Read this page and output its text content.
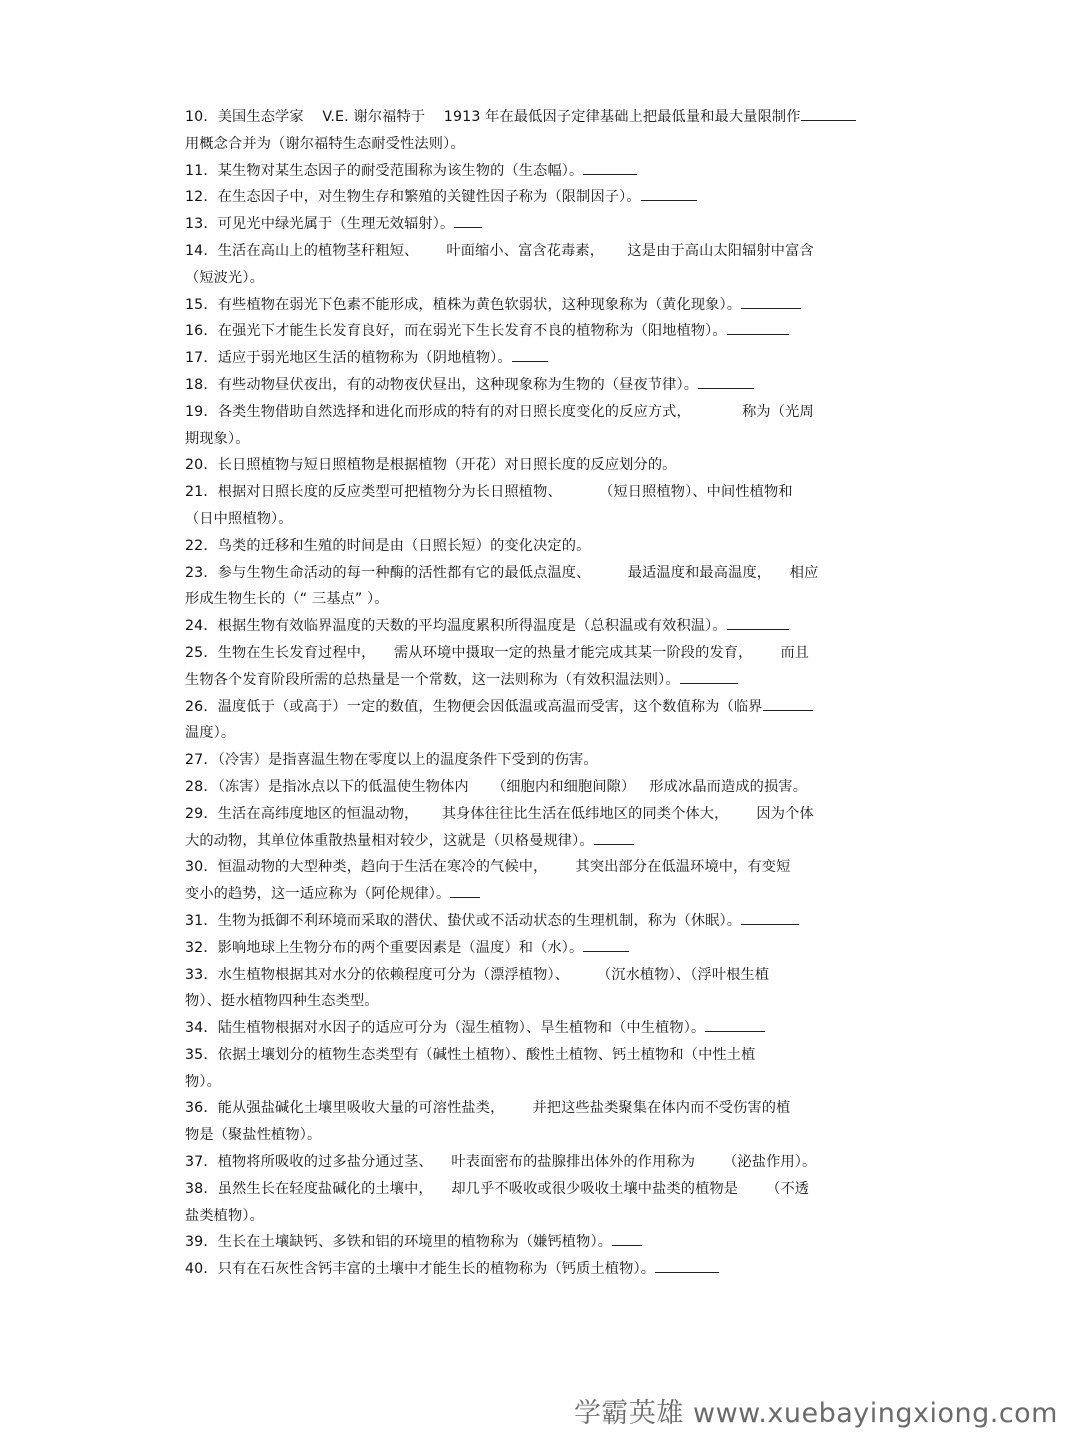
10．美国生态学家    V.E. 谢尔福特于    1913 年在最低因子定律基础上把最低量和最大量限制作
用概念合并为（谢尔福特生态耐受性法则）。
11．某生物对某生态因子的耐受范围称为该生物的（生态幅）。
12．在生态因子中，对生物生存和繁殖的关键性因子称为（限制因子）。
13．可见光中绿光属于（生理无效辐射）。
14．生活在高山上的植物茎秆粗短、      叶面缩小、富含花毒素，     这是由于高山太阳辐射中富含
（短波光）。
15．有些植物在弱光下色素不能形成，植株为黄色软弱状，这种现象称为（黄化现象）。
16．在强光下才能生长发育良好，而在弱光下生长发育不良的植物称为（阳地植物）。
17．适应于弱光地区生活的植物称为（阴地植物）。
18．有些动物昼伏夜出，有的动物夜伏昼出，这种现象称为生物的（昼夜节律）。
19．各类生物借助自然选择和进化而形成的特有的对日照长度变化的反应方式，           称为（光周
期现象）。
20．长日照植物与短日照植物是根据植物（开花）对日照长度的反应划分的。
21．根据对日照长度的反应类型可把植物分为长日照植物、        （短日照植物）、中间性植物和
（日中照植物）。
22．鸟类的迁移和生殖的时间是由（日照长短）的变化决定的。
23．参与生物生命活动的每一种酶的活性都有它的最低点温度、        最适温度和最高温度，    相应
形成生物生长的（“ 三基点” ）。
24．根据生物有效临界温度的天数的平均温度累积所得温度是（总积温或有效积温）。
25．生物在生长发育过程中，    需从环境中摄取一定的热量才能完成其某一阶段的发育，      而且
生物各个发育阶段所需的总热量是一个常数，这一法则称为（有效积温法则）。
26．温度低于（或高于）一定的数值，生物便会因低温或高温而受害，这个数值称为（临界
温度）。
27．（冷害）是指喜温生物在零度以上的温度条件下受到的伤害。
28．（冻害）是指冰点以下的低温使生物体内     （细胞内和细胞间隙）   形成冰晶而造成的损害。
29．生活在高纬度地区的恒温动物，     其身体往往比生活在低纬地区的同类个体大，      因为个体
大的动物，其单位体重散热量相对较少，这就是（贝格曼规律）。
30．恒温动物的大型种类，趋向于生活在寒冷的气候中，      其突出部分在低温环境中，有变短
变小的趋势，这一适应称为（阿伦规律）。
31．生物为抵御不利环境而采取的潜伏、蛰伏或不活动状态的生理机制，称为（休眠）。
32．影响地球上生物分布的两个重要因素是（温度）和（水）。
33．水生植物根据其对水分的依赖程度可分为（漂浮植物）、      （沉水植物）、（浮叶根生植
物）、挺水植物四种生态类型。
34．陆生植物根据对水因子的适应可分为（湿生植物）、旱生植物和（中生植物）。
35．依据土壤划分的植物生态类型有（碱性土植物）、酸性土植物、钙土植物和（中性土植
物）。
36．能从强盐碱化土壤里吸收大量的可溶性盐类，      并把这些盐类聚集在体内而不受伤害的植
物是（聚盐性植物）。
37．植物将所吸收的过多盐分通过茎、    叶表面密布的盐腺排出体外的作用称为      （泌盐作用）。
38．虽然生长在轻度盐碱化的土壤中，    却几乎不吸收或很少吸收土壤中盐类的植物是      （不透
盐类植物）。
39．生长在土壤缺钙、多铁和铝的环境里的植物称为（嫌钙植物）。
40．只有在石灰性含钙丰富的土壤中才能生长的植物称为（钙质土植物）。
学霸英雄 www.xuebayingxiong.com
